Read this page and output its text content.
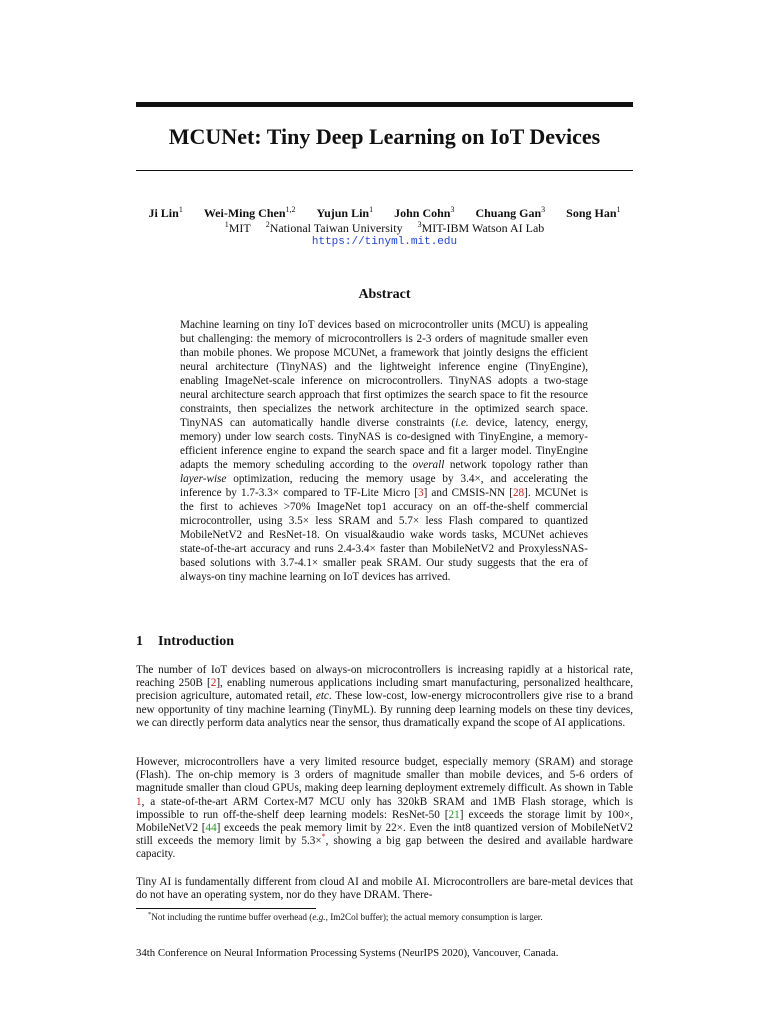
MCUNet: Tiny Deep Learning on IoT Devices
Ji Lin$^1$ Wei-Ming Chen$^{1,2}$ Yujun Lin$^1$ John Cohn$^3$ Chuang Gan$^3$ Song Han$^1$
$^1$MIT $^2$National Taiwan University $^3$MIT-IBM Watson AI Lab
https://tinyml.mit.edu
Abstract
Machine learning on tiny IoT devices based on microcontroller units (MCU) is appealing but challenging: the memory of microcontrollers is 2-3 orders of magnitude smaller even than mobile phones. We propose MCUNet, a framework that jointly designs the efficient neural architecture (TinyNAS) and the lightweight inference engine (TinyEngine), enabling ImageNet-scale inference on microcontrollers. TinyNAS adopts a two-stage neural architecture search approach that first optimizes the search space to fit the resource constraints, then specializes the network architecture in the optimized search space. TinyNAS can automatically handle diverse constraints (i.e. device, latency, energy, memory) under low search costs. TinyNAS is co-designed with TinyEngine, a memory-efficient inference engine to expand the search space and fit a larger model. TinyEngine adapts the memory scheduling according to the overall network topology rather than layer-wise optimization, reducing the memory usage by 3.4×, and accelerating the inference by 1.7-3.3× compared to TF-Lite Micro [3] and CMSIS-NN [28]. MCUNet is the first to achieves >70% ImageNet top1 accuracy on an off-the-shelf commercial microcontroller, using 3.5× less SRAM and 5.7× less Flash compared to quantized MobileNetV2 and ResNet-18. On visual&audio wake words tasks, MCUNet achieves state-of-the-art accuracy and runs 2.4-3.4× faster than MobileNetV2 and ProxylessNAS-based solutions with 3.7-4.1× smaller peak SRAM. Our study suggests that the era of always-on tiny machine learning on IoT devices has arrived.
1 Introduction
The number of IoT devices based on always-on microcontrollers is increasing rapidly at a historical rate, reaching 250B [2], enabling numerous applications including smart manufacturing, personalized healthcare, precision agriculture, automated retail, etc. These low-cost, low-energy microcontrollers give rise to a brand new opportunity of tiny machine learning (TinyML). By running deep learning models on these tiny devices, we can directly perform data analytics near the sensor, thus dramatically expand the scope of AI applications.
However, microcontrollers have a very limited resource budget, especially memory (SRAM) and storage (Flash). The on-chip memory is 3 orders of magnitude smaller than mobile devices, and 5-6 orders of magnitude smaller than cloud GPUs, making deep learning deployment extremely difficult. As shown in Table 1, a state-of-the-art ARM Cortex-M7 MCU only has 320kB SRAM and 1MB Flash storage, which is impossible to run off-the-shelf deep learning models: ResNet-50 [21] exceeds the storage limit by 100×, MobileNetV2 [44] exceeds the peak memory limit by 22×. Even the int8 quantized version of MobileNetV2 still exceeds the memory limit by 5.3×*, showing a big gap between the desired and available hardware capacity.
Tiny AI is fundamentally different from cloud AI and mobile AI. Microcontrollers are bare-metal devices that do not have an operating system, nor do they have DRAM. There-
*Not including the runtime buffer overhead (e.g., Im2Col buffer); the actual memory consumption is larger.
34th Conference on Neural Information Processing Systems (NeurIPS 2020), Vancouver, Canada.
